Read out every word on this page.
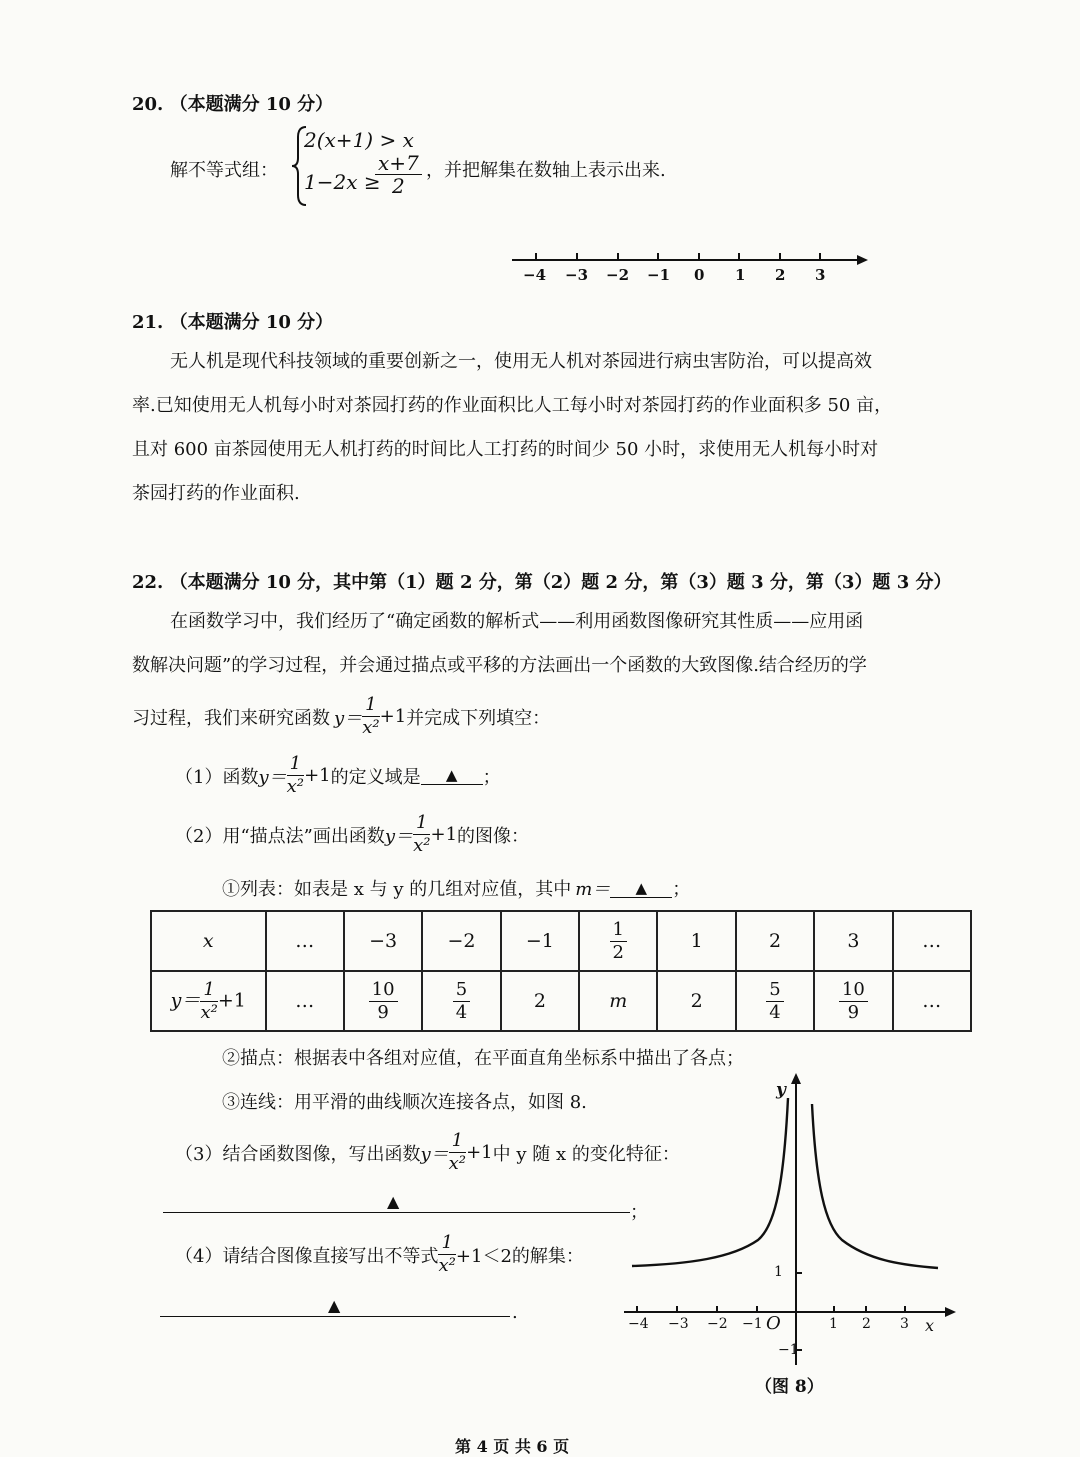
20. （本题满分 10 分）
解不等式组：
2(x+1) > x
1−2x ≥
$\frac{x+7}{2}$ ，并把解集在数轴上表示出来.
−4 −3 −2 −1 0 1 2 3
21. （本题满分 10 分）
无人机是现代科技领域的重要创新之一，使用无人机对茶园进行病虫害防治，可以提高效
率.已知使用无人机每小时对茶园打药的作业面积比人工每小时对茶园打药的作业面积多 50 亩，
且对 600 亩茶园使用无人机打药的时间比人工打药的时间少 50 小时，求使用无人机每小时对
茶园打药的作业面积.
22. （本题满分 10 分，其中第（1）题 2 分，第（2）题 2 分，第（3）题 3 分，第（3）题 3 分）
在函数学习中，我们经历了“确定函数的解析式——利用函数图像研究其性质——应用函
数解决问题”的学习过程，并会通过描点或平移的方法画出一个函数的大致图像.结合经历的学
习过程，我们来研究函数 $y= \frac{1}{\text{x²}} +1$ 并完成下列填空：
（1）函数 $y= \frac{1}{\text{x²}} +1$ 的定义域是	▲	；
（2）用“描点法”画出函数 $y= \frac{1}{\text{x²}} +1$ 的图像：
①列表：如表是 x 与 y 的几组对应值，其中 m＝	▲	；
x	…	−3	−2	−1	$\frac{1}{2}$	1	2	3	…
$y= \frac{1}{\text{x²}} +1$	…	$\frac{10}{9}$	$\frac{5}{4}$	2	m	2	$\frac{5}{4}$	$\frac{10}{9}$	…
②描点：根据表中各组对应值，在平面直角坐标系中描出了各点；
③连线：用平滑的曲线顺次连接各点，如图 8.
（3）结合函数图像，写出函数 $y= \frac{1}{\text{x²}} +1$ 中 y 随 x 的变化特征：
▲
；
（4）请结合图像直接写出不等式 $\frac{1}{\text{x²}} +1<2$ 的解集：
▲	.
y
x
1
−1
O
−4 −3 −2 −1	1 2 3
（图 8）
第 4 页 共 6 页
